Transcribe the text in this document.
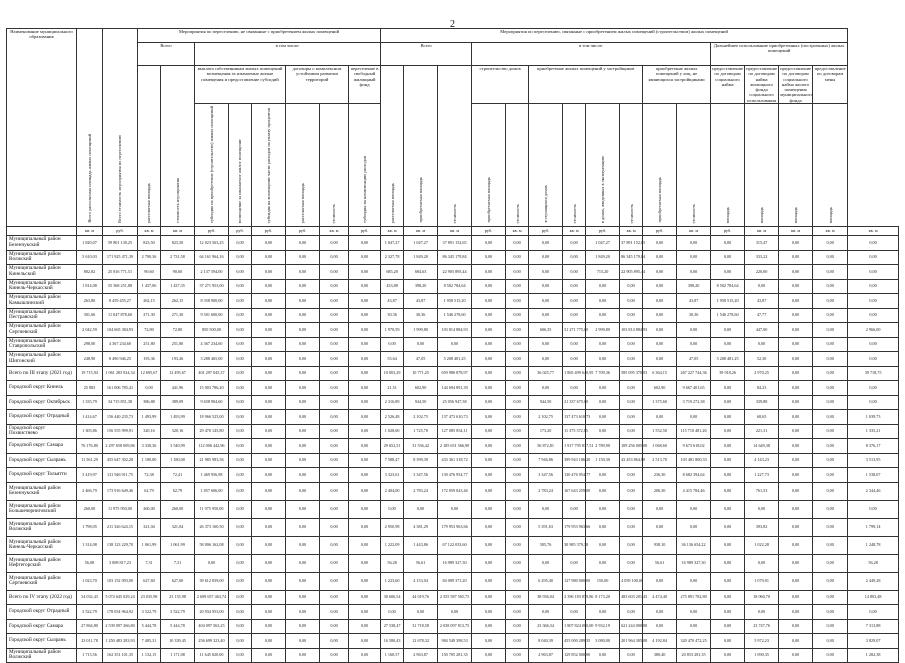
2
Наименование муниципального образования	Всего расселяемая площадь жилых помещений	Всего стоимость мероприятия по переселению	Мероприятия по переселению, не связанные с приобретением жилых помещений								Мероприятия по переселению, связанные с приобретением жилых помещений (строительством) жилых помещений															
			Всего		в том числе:						Всего			в том числе:								Дальнейшее использование приобретенных (построенных) жилых помещений				
			расселяемая площадь	стоимость мероприятия	выплата собственникам жилых помещений возмещения за изымаемые жилые помещения и предоставление субсидий			договоры о комплексном устойчивом развитии территорий		переселение в свободный жилищный фонд	расселяемая площадь	приобретаемая площадь	стоимость	строительство домов		приобретение жилых помещений у застройщиков				приобретение жилых помещений у лиц, не являющихся застройщиками		предоставление по договорам социального найма	предоставление по договорам найма жилищного фонда социального использования	предоставление по договорам социального найма жилого помещения муниципального фонда	предоставление по договорам мены	
					субсидия на приобретение (строительство) жилых помещений	возмещение за изымаемое жилое помещение	субсидия на возмещение части расходов на уплату процентов	расселяемая площадь	стоимость	субсидия на компенсацию расходов				приобретаемая площадь	стоимость	в строящихся домах	стоимость	в домах, введенных в эксплуатацию	стоимость	приобретаемая площадь	стоимость	площадь	площадь	площадь	площадь	
	кв. м	руб.	кв. м	кв. м	руб.	руб.	руб.	руб.	кв. м	руб.	кв. м	кв. м	кв. м	руб.	кв. м	руб.	кв. м	руб.	кв. м	руб.	кв. м	руб.	кв. м	кв. м	кв. м	кв. м
Муниципальный район Безенчукский	1 820,07	59 801 130,25	823,50	823,50	12 023 563,25	0,00	0,00	0,00	0,00	0,00	1 047,27	1 047,27	37 891 152,65	0,00	0,00	0,00	0,00	1 047,27	37 891 152,65	0,00	0,00	0,00	315,47	0,00	0,00	0,00
Муниципальный район Волжский	5 610,03	171 925 471,39	2 700,36	2 731,58	64 161 964,16	0,00	0,00	0,00	0,00	0,00	2 327,78	1 849,20	86 345 179,84	0,00	0,00	0,00	0,00	1 849,20	86 345 179,84	0,00	0,00	0,00	333,22	0,00	0,00	0,00
Муниципальный район Кинельский	802,82	25 816 771,51	90,60	90,60	2 137 594,00	0,00	0,00	0,00	0,00	0,00	685,20	684,63	22 905 895,44	0,00	0,00	0,00	0,00	715,20	22 905 895,44	0,00	0,00	0,00	220,00	0,00	0,00	0,00
Муниципальный район Кинель-Черкасский	1 814,08	55 368 251,88	1 437,06	1 437,35	37 271 953,00	0,00	0,00	0,00	0,00	0,00	433,88	398,20	8 502 784,64	0,00	0,00	0,00	0,00	0,00	0,00	0,00	398,20	8 502 784,64	0,00	0,00	0,00	0,00
Муниципальный район Камышлинский	263,80	8 459 455,27	262,15	262,15	8 358 900,00	0,00	0,00	0,00	0,00	0,00	43,87	43,87	1 958 515,20	0,00	0,00	0,00	0,00	0,00	0,00	0,00	43,87	1 958 515,20	43,87	0,00	0,00	0,00
Муниципальный район Пестравский	301,66	11 047 878,60	271,30	271,30	9 501 600,00	0,00	0,00	0,00	0,00	0,00	30,36	30,36	1 546 278,60	0,00	0,00	0,00	0,00	0,00	0,00	0,00	30,36	1 546 278,60	47,77	0,00	0,00	0,00
Муниципальный район Сергиевский	2 042,59	104 665 384,93	72,80	72,80	850 500,00	0,00	0,00	0,00	0,00	0,00	1 970,59	1 999,80	103 814 884,93	0,00	0,00	606,35	31 271 775,00	2 999,80	103 814 884,93	0,00	0,00	0,00	447,00	0,00	0,00	2 966,00
Муниципальный район Ставропольский	298,00	4 367 234,60	251,80	251,80	4 367 234,60	0,00	0,00	0,00	0,00	0,00	0,00	0,00	0,00	0,00	0,00	0,00	0,00	0,00	0,00	0,00	0,00	0,00	0,00	0,00	0,00	0,00
Муниципальный район Шигонский	248,90	8 496 946,25	193,36	193,26	3 288 465,00	0,00	0,00	0,00	0,00	0,00	55,64	47,05	5 208 481,25	0,00	0,00	0,00	0,00	0,00	0,00	0,00	47,05	5 208 481,25	52,30	0,00	0,00	0,00
Всего по III этапу (2021 год)	19 715,94	1 061 283 924,34	12 695,67	12 495,67	401 297 045,37	0,00	0,00	0,00	0,00	0,00	10 003,29	10 771,25	659 986 878,97	0,00	0,00	36 025,77	1 865 499 640,95	7 709,36	585 095 370,03	6 364,15	267 227 744,36	39 918,26	2 970,25	0,00	0,00	39 718,75
Городской округ Кинель	25 883	161 006 785,41	0,00	441,96	15 003 786,20	0,00	0,00	0,00	0,00	0,00	21,51	602,90	144 694 891,39	0,00	0,00	0,00	0,00	0,00	0,00	602,90	9 667 401,65	0,00	84,23	0,00	0,00	0,00
Городской округ Октябрьск	1 335,79	34 715 851,38	386,88	389,09	9 658 904,60	0,00	0,00	0,00	0,00	0,00	2 316,89	944,50	25 056 947,38	0,00	0,00	944,50	21 337 675,00	0,00	0,00	1 375,60	3 719 272,38	0,00	339,88	0,00	0,00	0,00
Городской округ Отрадный	1 414,67	156 440 235,73	1 493,99	1 493,99	18 966 525,00	0,00	0,00	0,00	0,00	0,00	2 526,48	2 102,75	137 473 610,73	0,00	0,00	2 102,75	137 473 610,73	0,00	0,00	0,00	0,00	0,00	68,65	0,00	0,00	1 039,73
Городской округ Похвистнево	1 305,86	156 555 999,91	320,16	320,16	29 470 145,80	0,00	0,00	0,00	0,00	0,00	1 028,60	1 725,70	127 085 854,11	0,00	0,00	173,20	11 375 372,85	0,00	0,00	1 552,50	115 710 481,26	0,00	221,31	0,00	0,00	1 335,21
Городской округ Самара	76 176,80	2 297 658 009,86	3 330,36	3 540,99	112 006 442,96	0,00	0,00	0,00	0,00	0,00	29 652,51	31 536,42	2 185 651 566,90	0,00	0,00	56 872,81	1 917 795 837,51	2 789,90	109 256 005,00	1 068,60	9 673 618,02	0,00	14 649,38	0,00	0,00	8 376,17
Городской округ Сызрань	11 561,29	455 647 302,28	1 180,00	1 180,00	21 985 983,56	0,00	0,00	0,00	0,00	0,00	7 588,47	8 399,39	433 361 318,72	0,00	0,00	7 946,86	399 943 186,20	1 150,30	43 453 864,88	2 513,70	103 481 800,33	0,00	4 143,23	0,00	0,00	3 513,95
Городской округ Тольятти	3 419,97	131 946 911,75	72,38	72,41	1 469 956,98	0,00	0,00	0,00	0,00	0,00	3 323,61	3 347,56	130 476 954,77	0,00	0,00	3 347,56	130 476 954,77	0,00	0,00	236,30	8 682 394,64	0,00	1 227,73	0,00	0,00	1 538,07
Муниципальный район Безенчукский	2 466,79	173 916 649,46	62,79	62,79	1 857 606,00	0,00	0,00	0,00	0,00	0,00	2 404,00	2 783,24	172 059 043,46	0,00	0,00	2 783,24	167 643 259,00	0,00	0,00	206,30	4 415 784,46	0,00	761,53	0,00	0,00	2 344,46
Муниципальный район Большечерниговский	260,00	11 975 950,00	260,00	260,00	11 975 950,00	0,00	0,00	0,00	0,00	0,00	0,00	0,00	0,00	0,00	0,00	0,00	0,00	0,00	0,00	0,00	0,00	0,00	0,00	0,00	0,00	0,00
Муниципальный район Волжский	1 798,05	211 326 624,15	321,04	321,04	26 373 160,50	0,00	0,00	0,00	0,00	0,00	2 950,98	4 381,29	179 953 963,66	0,00	0,00	5 391,63	179 953 963,66	0,00	0,00	0,00	0,00	0,00	393,82	0,00	0,00	1 799,14
Муниципальный район Кинель-Черкасский	1 314,08	138 123 229,70	1 061,99	1 061,99	58 006 162,08	0,00	0,00	0,00	0,00	0,00	1 222,09	1 443,86	67 122 033,60	0,00	0,00	505,76	30 985 379,38	0,00	0,00	938,10	36 136 654,22	0,00	1 022,28	0,00	0,00	1 248,78
Муниципальный район Нефтегорский	56,08	3 008 817,23	7,31	7,31	0,00	0,00	0,00	0,00	0,00	0,00	56,28	56,61	16 989 327,30	0,00	0,00	0,00	0,00	0,00	0,00	56,61	16 989 327,30	0,00	0,00	0,00	0,00	56,28
Муниципальный район Сергиевский	1 023,70	103 152 093,00	627,60	627,60	39 612 839,00	0,00	0,00	0,00	0,00	0,00	1 223,60	4 153,04	84 089 371,20	0,00	0,00	6 295,40	127 980 000,00	150,00	4 039 100,00	0,00	0,00	0,00	1 079,01	0,00	0,00	2 449,28
Всего по IV этапу (2022 год)	54 032,43	5 074 645 029,24	23 035,98	23 135,98	2 609 657 463,74	0,00	0,00	0,00	0,00	0,00	30 606,54	44 019,76	2 555 587 565,75	0,00	0,00	38 936,04	2 396 183 879,86	8 173,20	483 603 201,43	4 474,40	275 891 782,80	0,00	18 060,70	0,00	0,00	14 803,48
Городской округ Отрадный	3 522,79	178 054 964,92	3 522,79	3 522,79	20 934 953,00	0,00	0,00	0,00	0,00	0,00	0,00	0,00	0,00	0,00	0,00	0,00	0,00	0,00	0,00	0,00	0,00	0,00	0,00	0,00	0,00	0,00
Городской округ Самара	27 864,80	2 539 097 266,80	5 444,78	5 444,78	404 097 563,25	0,00	0,00	0,00	0,00	0,00	27 538,47	31 718,58	2 038 097 813,75	0,00	0,00	23 366,34	1 807 824 000,00	9 932,19	621 244 000,00	0,00	0,00	0,00	23 747,76	0,00	0,00	7 313,88
Городской округ Сызрань	23 011,78	1 250 483 283,93	7 405,31	10 339,45	256 699 323,40	0,00	0,00	0,00	0,00	0,00	16 580,43	12 678,32	984 549 398,53	0,00	0,00	8 040,39	455 000 289,35	3 080,00	201 964 305,08	4 192,84	320 470 472,25	0,00	5 972,23	0,00	0,00	3 829,07
Муниципальный район Волжский	1 713,56	162 351 101,35	1 132,15	1 171,08	11 645 820,00	0,00	0,00	0,00	0,00	0,00	1 160,57	2 963,87	150 705 281,35	0,00	0,00	2 963,87	129 852 000,00	0,00	0,00	380,40	20 853 281,35	0,00	1 090,35	0,00	0,00	1 282,38
